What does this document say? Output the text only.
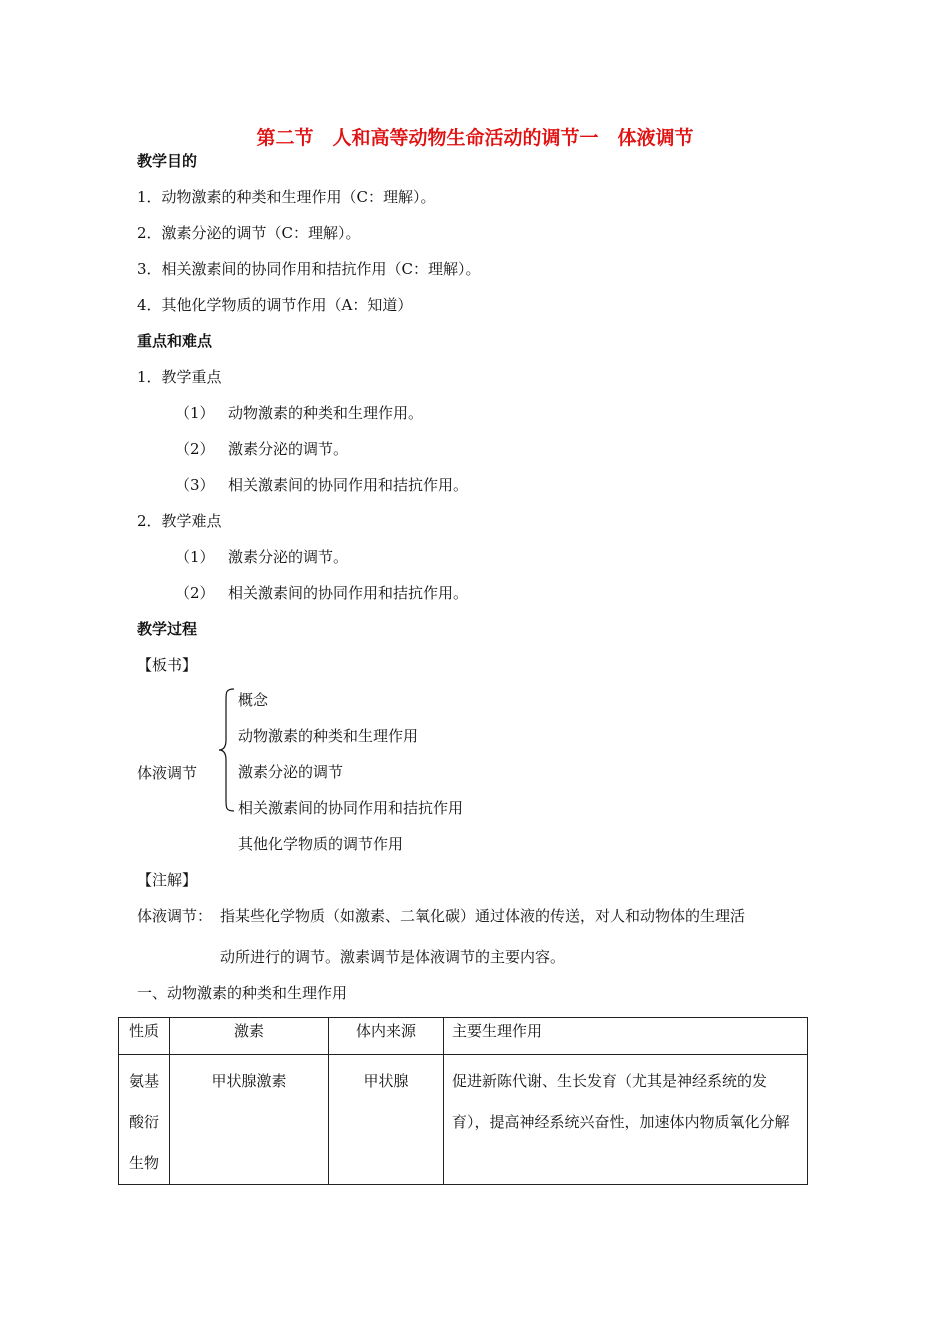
第二节　人和高等动物生命活动的调节一　体液调节
教学目的
1．动物激素的种类和生理作用（C：理解）。
2．激素分泌的调节（C：理解）。
3．相关激素间的协同作用和拮抗作用（C：理解）。
4．其他化学物质的调节作用（A：知道）
重点和难点
1．教学重点
（1） 动物激素的种类和生理作用。
（2） 激素分泌的调节。
（3） 相关激素间的协同作用和拮抗作用。
2．教学难点
（1） 激素分泌的调节。
（2） 相关激素间的协同作用和拮抗作用。
教学过程
【板书】
体液调节
概念
动物激素的种类和生理作用
激素分泌的调节
相关激素间的协同作用和拮抗作用
其他化学物质的调节作用
【注解】
体液调节： 指某些化学物质（如激素、二氧化碳）通过体液的传送，对人和动物体的生理活
动所进行的调节。激素调节是体液调节的主要内容。
一、动物激素的种类和生理作用
性质	激素	体内来源	主要生理作用

氨基
酸衍
生物	甲状腺激素	甲状腺	促进新陈代谢、生长发育（尤其是神经系统的发育），提高神经系统兴奋性，加速体内物质氧化分解
